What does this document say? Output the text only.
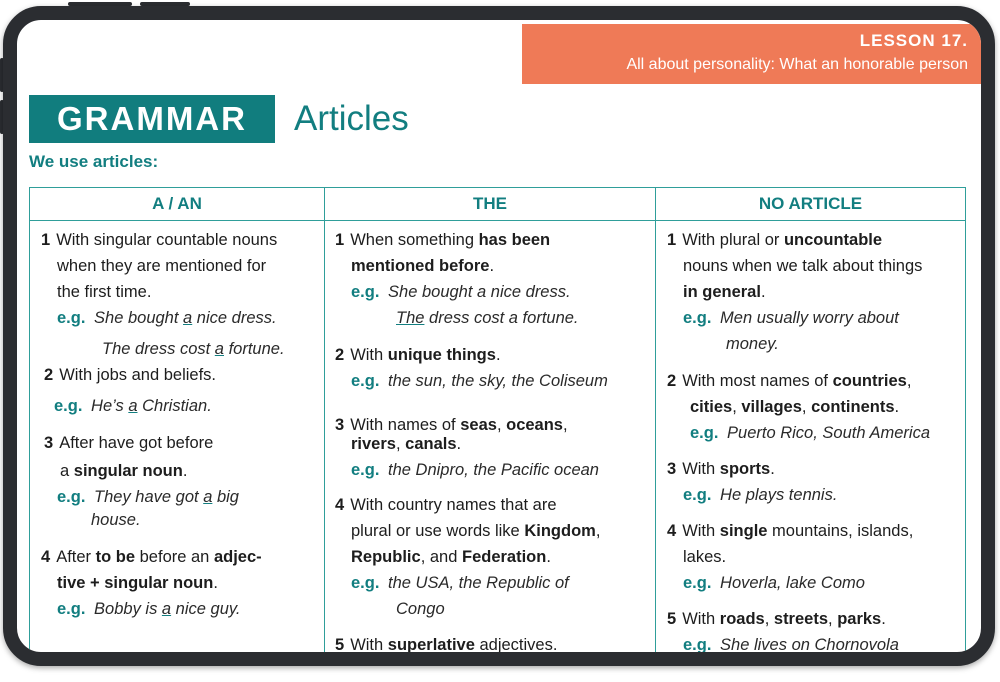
LESSON 17.
All about personality: What an honorable person
GRAMMAR	Articles
We use articles:
A / AN
1 With singular countable nouns
when they are mentioned for
the first time.
e.g. She bought a nice dress.
The dress cost a fortune.
2 With jobs and beliefs.
e.g. He’s a Christian.
3 After have got before
a singular noun.
e.g. They have got a big
house.
4 After to be before an adjec-
tive + singular noun.
e.g. Bobby is a nice guy.
THE
1 When something has been
mentioned before.
e.g. She bought a nice dress.
The dress cost a fortune.
2 With unique things.
e.g. the sun, the sky, the Coliseum
3 With names of seas, oceans,
rivers, canals.
e.g. the Dnipro, the Pacific ocean
4 With country names that are
plural or use words like Kingdom,
Republic, and Federation.
e.g. the USA, the Republic of
Congo
5 With superlative adjectives.
NO ARTICLE
1 With plural or uncountable
nouns when we talk about things
in general.
e.g. Men usually worry about
money.
2 With most names of countries,
cities, villages, continents.
e.g. Puerto Rico, South America
3 With sports.
e.g. He plays tennis.
4 With single mountains, islands,
lakes.
e.g. Hoverla, lake Como
5 With roads, streets, parks.
e.g. She lives on Chornovola
